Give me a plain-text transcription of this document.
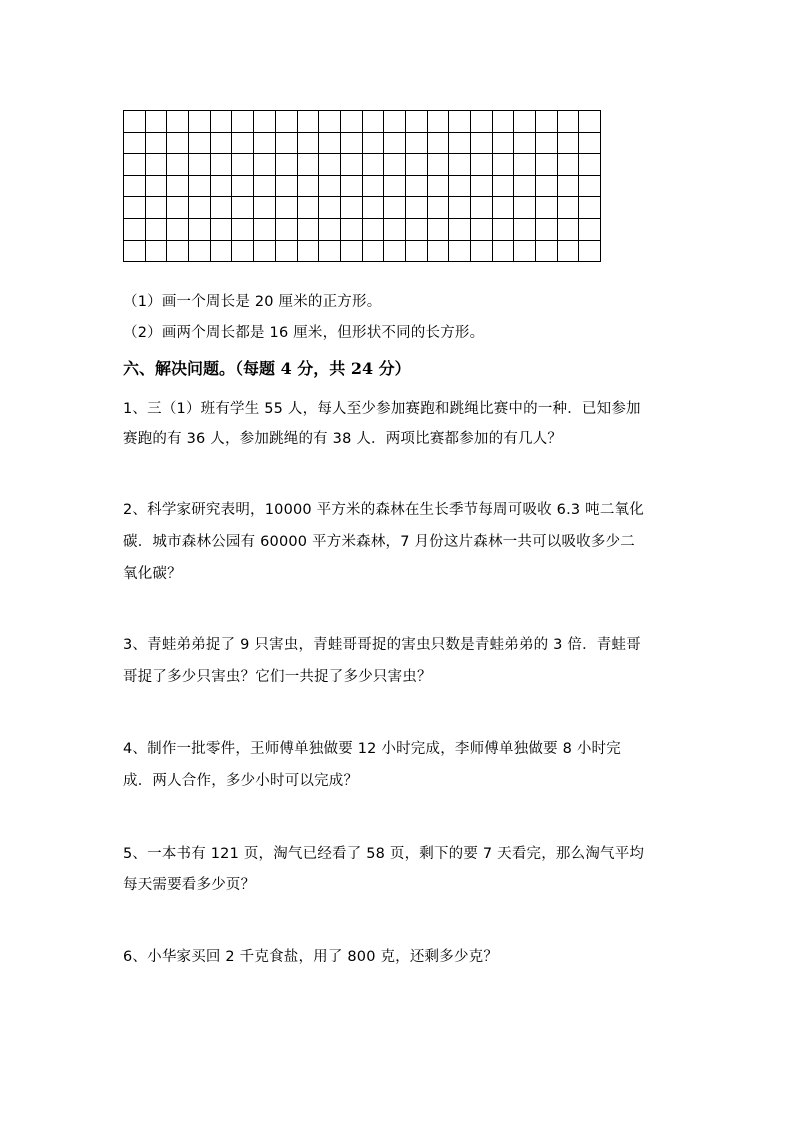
（1）画一个周长是 20 厘米的正方形。
（2）画两个周长都是 16 厘米，但形状不同的长方形。
六、解决问题。（每题 4 分，共 24 分）
1、三（1）班有学生 55 人，每人至少参加赛跑和跳绳比赛中的一种．已知参加
赛跑的有 36 人，参加跳绳的有 38 人．两项比赛都参加的有几人？
2、科学家研究表明，10000 平方米的森林在生长季节每周可吸收 6.3 吨二氧化
碳．城市森林公园有 60000 平方米森林，7 月份这片森林一共可以吸收多少二
氧化碳？
3、青蛙弟弟捉了 9 只害虫，青蛙哥哥捉的害虫只数是青蛙弟弟的 3 倍．青蛙哥
哥捉了多少只害虫？它们一共捉了多少只害虫？
4、制作一批零件，王师傅单独做要 12 小时完成，李师傅单独做要 8 小时完
成．两人合作，多少小时可以完成？
5、一本书有 121 页，淘气已经看了 58 页，剩下的要 7 天看完，那么淘气平均
每天需要看多少页？
6、小华家买回 2 千克食盐，用了 800 克，还剩多少克？
